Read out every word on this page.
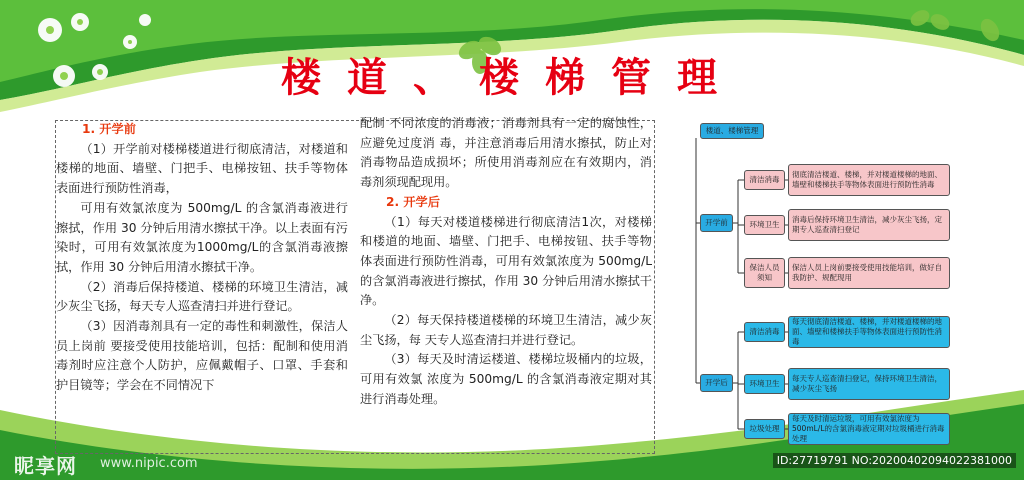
楼道、楼梯管理

1. 开学前

（1）开学前对楼梯楼道进行彻底清洁，对楼道和楼梯的地面、墙壁、门把手、电梯按钮、扶手等物体表面进行预防性消毒，

可用有效氯浓度为 500mg/L 的含氯消毒液进行擦拭，作用 30 分钟后用清水擦拭干净。以上表面有污染时，可用有效氯浓度为1000mg/L的含氯消毒液擦拭，作用 30 分钟后用清水擦拭干净。

（2）消毒后保持楼道、楼梯的环境卫生清洁，减少灰尘飞扬，每天专人巡查清扫并进行登记。

（3）因消毒剂具有一定的毒性和刺激性，保洁人员上岗前 要接受使用技能培训，包括：配制和使用消毒剂时应注意个人防护，应佩戴帽子、口罩、手套和护目镜等；学会在不同情况下

配制 不同浓度的消毒液；消毒剂具有一定的腐蚀性，应避免过度消 毒，并注意消毒后用清水擦拭，防止对消毒物品造成损坏；所使用消毒剂应在有效期内，消毒剂须现配现用。

2. 开学后

（1）每天对楼道楼梯进行彻底清洁1次，对楼梯和楼道的地面、墙壁、门把手、电梯按钮、扶手等物体表面进行预防性消毒，可用有效氯浓度为 500mg/L 的含氯消毒液进行擦拭，作用 30 分钟后用清水擦拭干净。

（2）每天保持楼道楼梯的环境卫生清洁，减少灰尘飞扬，每 天专人巡查清扫并进行登记。

（3）每天及时清运楼道、楼梯垃圾桶内的垃圾，可用有效氯 浓度为 500mg/L 的含氯消毒液定期对其进行消毒处理。

楼道、楼梯管理
开学前
开学后
清洁消毒
彻底清洁楼道、楼梯，并对楼道楼梯的地面、墙壁和楼梯扶手等物体表面进行预防性消毒
环境卫生
消毒后保持环境卫生清洁，减少灰尘飞扬，定期专人巡查清扫登记
保洁人员须知
保洁人员上岗前要接受使用技能培训，做好自我防护、规配现用
清洁消毒
每天彻底清洁楼道、楼梯，并对楼道楼梯的地面、墙壁和楼梯扶手等物体表面进行预防性消毒
环境卫生
每天专人巡查清扫登记，保持环境卫生清洁，减少灰尘飞扬
垃圾处理
每天及时清运垃圾，可用有效氯浓度为500mL/L的含氯消毒液定期对垃圾桶进行消毒处理
昵享网 www.nipic.com	ID:27719791 NO:20200402094022381000
